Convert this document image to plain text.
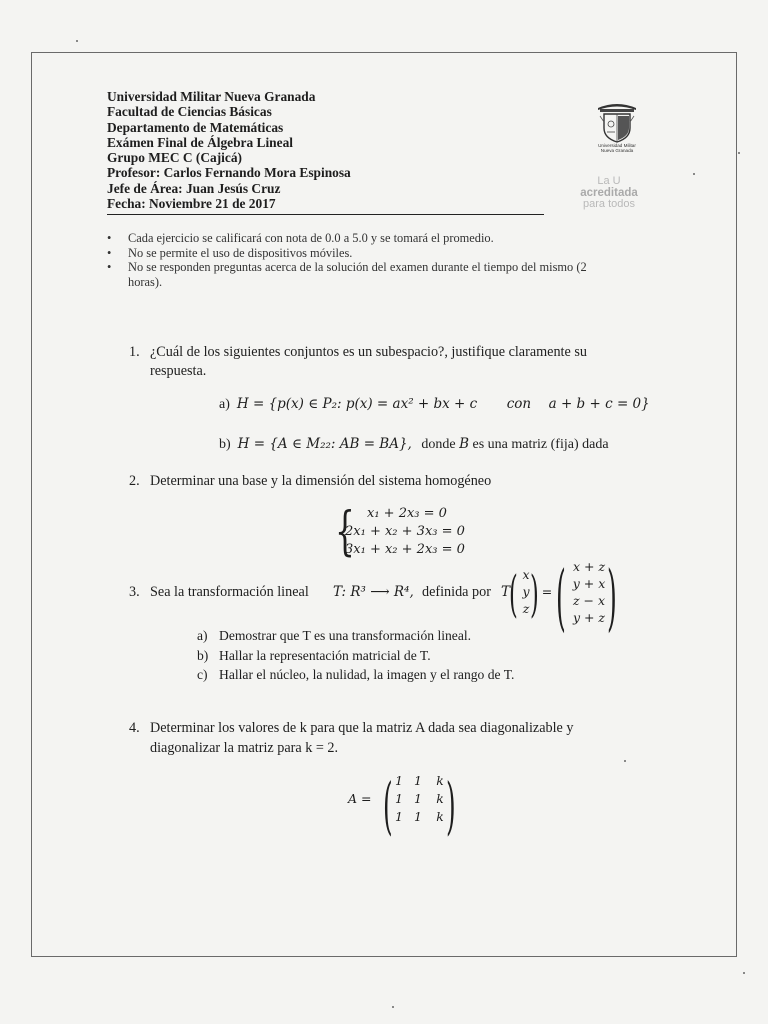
Universidad Militar Nueva Granada
Facultad de Ciencias Básicas
Departamento de Matemáticas
Exámen Final de Álgebra Lineal
Grupo MEC C (Cajicá)
Profesor: Carlos Fernando Mora Espinosa
Jefe de Área: Juan Jesús Cruz
Fecha: Noviembre 21 de 2017
Universidad Militar
Nueva Granada
La U
acreditada
para todos
• Cada ejercicio se calificará con nota de 0.0 a 5.0 y se tomará el promedio.
• No se permite el uso de dispositivos móviles.
• No se responden preguntas acerca de la solución del examen durante el tiempo del mismo (2 horas).
1. ¿Cuál de los siguientes conjuntos es un subespacio?, justifique claramente su
respuesta.
a) H = {p(x) ∈ P₂: p(x) = ax² + bx + c con a + b + c = 0}
b) H = {A ∈ M₂₂: AB = BA}, donde B es una matriz (fija) dada
2. Determinar una base y la dimensión del sistema homogéneo
{ x₁ + 2x₃ = 0
2x₁ + x₂ + 3x₃ = 0
3x₁ + x₂ + 2x₃ = 0
3. Sea la transformación lineal T: R³ ⟶ R⁴, definida por T
( x
y
z ) = ( x + z
y + x
z − x
y + z )
a) Demostrar que T es una transformación lineal.
b) Hallar la representación matricial de T.
c) Hallar el núcleo, la nulidad, la imagen y el rango de T.
4. Determinar los valores de k para que la matriz A dada sea diagonalizable y
diagonalizar la matriz para k = 2.
A = ( 1 1 k
1 1 k
1 1 k )
